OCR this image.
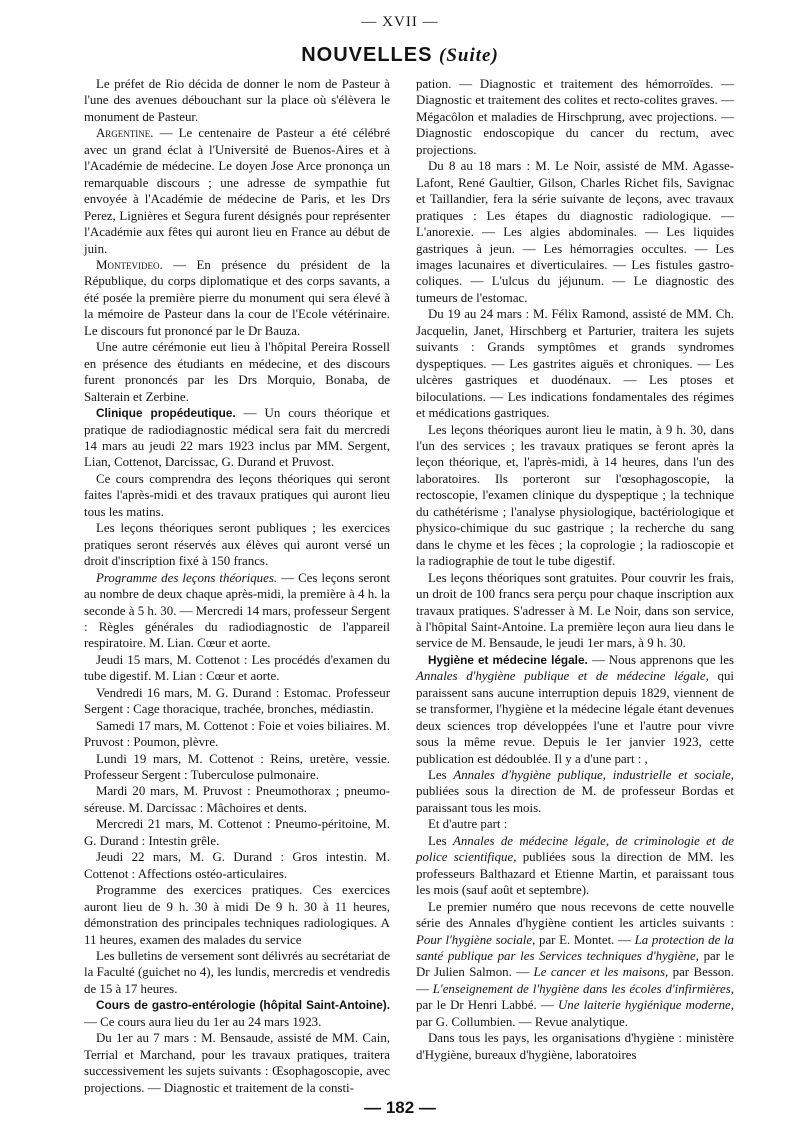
— XVII —
NOUVELLES (Suite)

Le préfet de Rio décida de donner le nom de Pasteur à l'une des avenues débouchant sur la place où s'élèvera le monument de Pasteur.

Argentine. — Le centenaire de Pasteur a été célébré avec un grand éclat à l'Université de Buenos-Aires et à l'Académie de médecine. Le doyen Jose Arce prononça un remarquable discours ; une adresse de sympathie fut envoyée à l'Académie de médecine de Paris, et les Drs Perez, Lignières et Segura furent désignés pour représenter l'Académie aux fêtes qui auront lieu en France au début de juin.

Montevideo. — En présence du président de la République, du corps diplomatique et des corps savants, a été posée la première pierre du monument qui sera élevé à la mémoire de Pasteur dans la cour de l'Ecole vétérinaire. Le discours fut prononcé par le Dr Bauza.

Une autre cérémonie eut lieu à l'hôpital Pereira Rossell en présence des étudiants en médecine, et des discours furent prononcés par les Drs Morquio, Bonaba, de Salterain et Zerbine.

Clinique propédeutique. — Un cours théorique et pratique de radiodiagnostic médical sera fait du mercredi 14 mars au jeudi 22 mars 1923 inclus par MM. Sergent, Lian, Cottenot, Darcissac, G. Durand et Pruvost.

Ce cours comprendra des leçons théoriques qui seront faites l'après-midi et des travaux pratiques qui auront lieu tous les matins.

Les leçons théoriques seront publiques ; les exercices pratiques seront réservés aux élèves qui auront versé un droit d'inscription fixé à 150 francs.

Programme des leçons théoriques. — Ces leçons seront au nombre de deux chaque après-midi, la première à 4 h. la seconde à 5 h. 30. — Mercredi 14 mars, professeur Sergent : Règles générales du radiodiagnostic de l'appareil respiratoire. M. Lian. Cœur et aorte.

Jeudi 15 mars, M. Cottenot : Les procédés d'examen du tube digestif. M. Lian : Cœur et aorte.

Vendredi 16 mars, M. G. Durand : Estomac. Professeur Sergent : Cage thoracique, trachée, bronches, médiastin.

Samedi 17 mars, M. Cottenot : Foie et voies biliaires. M. Pruvost : Poumon, plèvre.

Lundi 19 mars, M. Cottenot : Reins, uretère, vessie. Professeur Sergent : Tuberculose pulmonaire.

Mardi 20 mars, M. Pruvost : Pneumothorax ; pneumo-séreuse. M. Darcissac : Mâchoires et dents.

Mercredi 21 mars, M. Cottenot : Pneumo-péritoine, M. G. Durand : Intestin grêle.

Jeudi 22 mars, M. G. Durand : Gros intestin. M. Cottenot : Affections ostéo-articulaires.

Programme des exercices pratiques. Ces exercices auront lieu de 9 h. 30 à midi De 9 h. 30 à 11 heures, démonstration des principales techniques radiologiques. A 11 heures, examen des malades du service

Les bulletins de versement sont délivrés au secrétariat de la Faculté (guichet no 4), les lundis, mercredis et vendredis de 15 à 17 heures.

Cours de gastro-entérologie (hôpital Saint-Antoine). — Ce cours aura lieu du 1er au 24 mars 1923.

Du 1er au 7 mars : M. Bensaude, assisté de MM. Cain, Terrial et Marchand, pour les travaux pratiques, traitera successivement les sujets suivants : Œsophagoscopie, avec projections. — Diagnostic et traitement de la consti-

pation. — Diagnostic et traitement des hémorroïdes. — Diagnostic et traitement des colites et recto-colites graves. — Mégacôlon et maladies de Hirschprung, avec projections. — Diagnostic endoscopique du cancer du rectum, avec projections.

Du 8 au 18 mars : M. Le Noir, assisté de MM. Agasse-Lafont, René Gaultier, Gilson, Charles Richet fils, Savignac et Taillandier, fera la série suivante de leçons, avec travaux pratiques : Les étapes du diagnostic radiologique. — L'anorexie. — Les algies abdominales. — Les liquides gastriques à jeun. — Les hémorragies occultes. — Les images lacunaires et diverticulaires. — Les fistules gastro-coliques. — L'ulcus du jéjunum. — Le diagnostic des tumeurs de l'estomac.

Du 19 au 24 mars : M. Félix Ramond, assisté de MM. Ch. Jacquelin, Janet, Hirschberg et Parturier, traitera les sujets suivants : Grands symptômes et grands syndromes dyspeptiques. — Les gastrites aiguës et chroniques. — Les ulcères gastriques et duodénaux. — Les ptoses et biloculations. — Les indications fondamentales des régimes et médications gastriques.

Les leçons théoriques auront lieu le matin, à 9 h. 30, dans l'un des services ; les travaux pratiques se feront après la leçon théorique, et, l'après-midi, à 14 heures, dans l'un des laboratoires. Ils porteront sur l'œsophagoscopie, la rectoscopie, l'examen clinique du dyspeptique ; la technique du cathétérisme ; l'analyse physiologique, bactériologique et physico-chimique du suc gastrique ; la recherche du sang dans le chyme et les fèces ; la coprologie ; la radioscopie et la radiographie de tout le tube digestif.

Les leçons théoriques sont gratuites. Pour couvrir les frais, un droit de 100 francs sera perçu pour chaque inscription aux travaux pratiques. S'adresser à M. Le Noir, dans son service, à l'hôpital Saint-Antoine. La première leçon aura lieu dans le service de M. Bensaude, le jeudi 1er mars, à 9 h. 30.

Hygiène et médecine légale. — Nous apprenons que les Annales d'hygiène publique et de médecine légale, qui paraissent sans aucune interruption depuis 1829, viennent de se transformer, l'hygiène et la médecine légale étant devenues deux sciences trop développées l'une et l'autre pour vivre sous la même revue. Depuis le 1er janvier 1923, cette publication est dédoublée. Il y a d'une part : ,

Les Annales d'hygiène publique, industrielle et sociale, publiées sous la direction de M. de professeur Bordas et paraissant tous les mois.

Et d'autre part :

Les Annales de médecine légale, de criminologie et de police scientifique, publiées sous la direction de MM. les professeurs Balthazard et Etienne Martin, et paraissant tous les mois (sauf août et septembre).

Le premier numéro que nous recevons de cette nouvelle série des Annales d'hygiène contient les articles suivants : Pour l'hygiène sociale, par E. Montet. — La protection de la santé publique par les Services techniques d'hygiène, par le Dr Julien Salmon. — Le cancer et les maisons, par Besson. — L'enseignement de l'hygiène dans les écoles d'infirmières, par le Dr Henri Labbé. — Une laiterie hygiénique moderne, par G. Collumbien. — Revue analytique.

Dans tous les pays, les organisations d'hygiène : ministère d'Hygiène, bureaux d'hygiène, laboratoires

— 182 —
